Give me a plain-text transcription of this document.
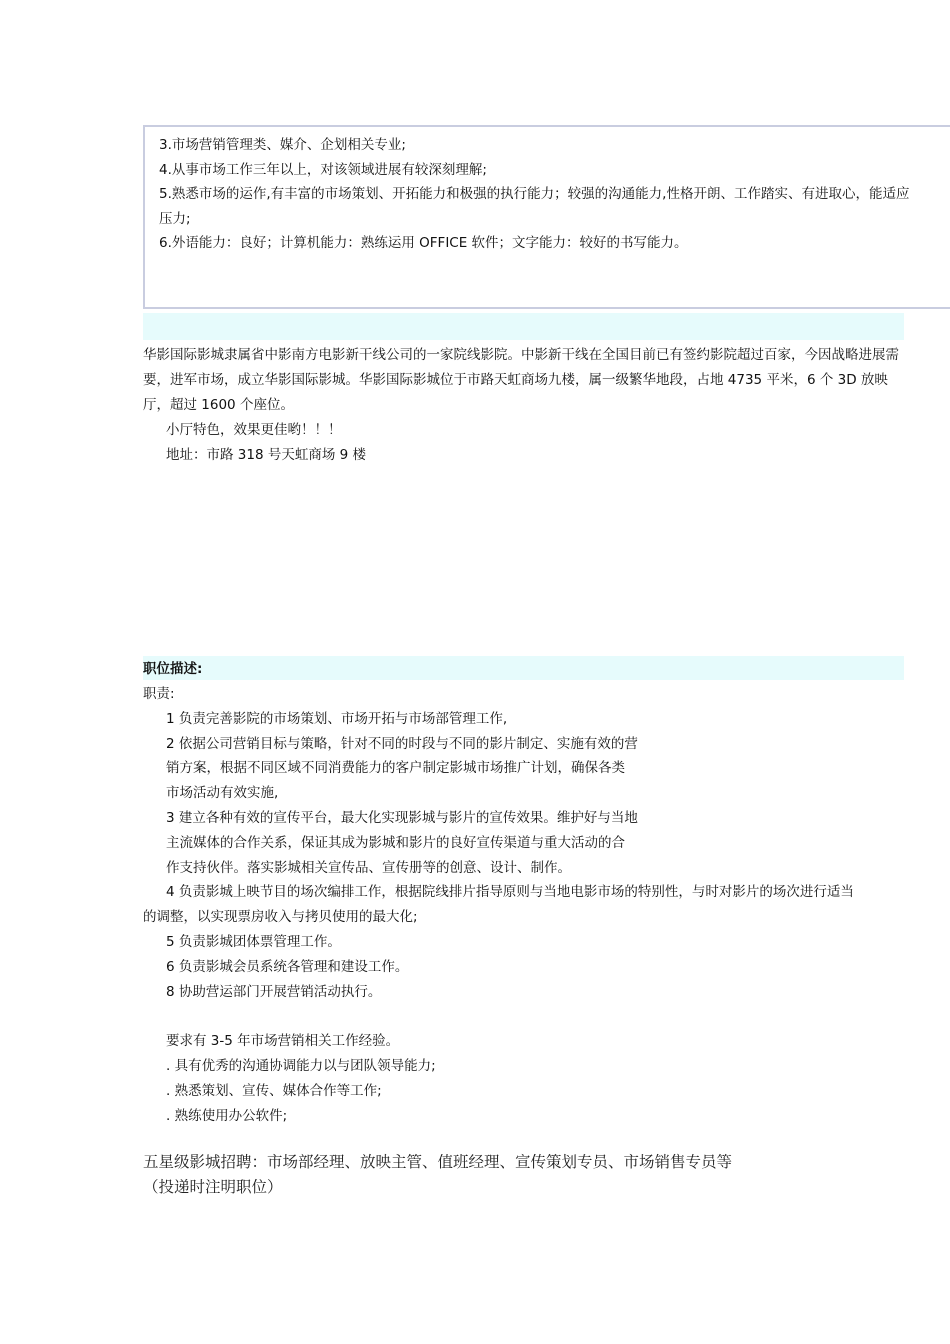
3.市场营销管理类、媒介、企划相关专业;
4.从事市场工作三年以上，对该领域进展有较深刻理解;
5.熟悉市场的运作,有丰富的市场策划、开拓能力和极强的执行能力；较强的沟通能力,性格开朗、工作踏实、有进取心，能适应
压力;
6.外语能力：良好；计算机能力：熟练运用 OFFICE 软件；文字能力：较好的书写能力。

华影国际影城隶属省中影南方电影新干线公司的一家院线影院。中影新干线在全国目前已有签约影院超过百家，今因战略进展需要，进军市场，成立华影国际影城。华影国际影城位于市路天虹商场九楼，属一级繁华地段，占地 4735 平米，6 个 3D 放映厅，超过 1600 个座位。

小厅特色，效果更佳哟！！！

地址：市路 318 号天虹商场 9 楼

职位描述:

职责:

1 负责完善影院的市场策划、市场开拓与市场部管理工作,

2 依据公司营销目标与策略，针对不同的时段与不同的影片制定、实施有效的营

销方案，根据不同区域不同消费能力的客户制定影城市场推广计划，确保各类

市场活动有效实施,

3 建立各种有效的宣传平台，最大化实现影城与影片的宣传效果。维护好与当地

主流媒体的合作关系，保证其成为影城和影片的良好宣传渠道与重大活动的合

作支持伙伴。落实影城相关宣传品、宣传册等的创意、设计、制作。

4 负责影城上映节目的场次编排工作，根据院线排片指导原则与当地电影市场的特别性，与时对影片的场次进行适当

的调整，以实现票房收入与拷贝使用的最大化;

5 负责影城团体票管理工作。

6 负责影城会员系统各管理和建设工作。

8 协助营运部门开展营销活动执行。

要求有 3-5 年市场营销相关工作经验。

. 具有优秀的沟通协调能力以与团队领导能力;

. 熟悉策划、宣传、媒体合作等工作;

. 熟练使用办公软件;

五星级影城招聘：市场部经理、放映主管、值班经理、宣传策划专员、市场销售专员等

（投递时注明职位）
